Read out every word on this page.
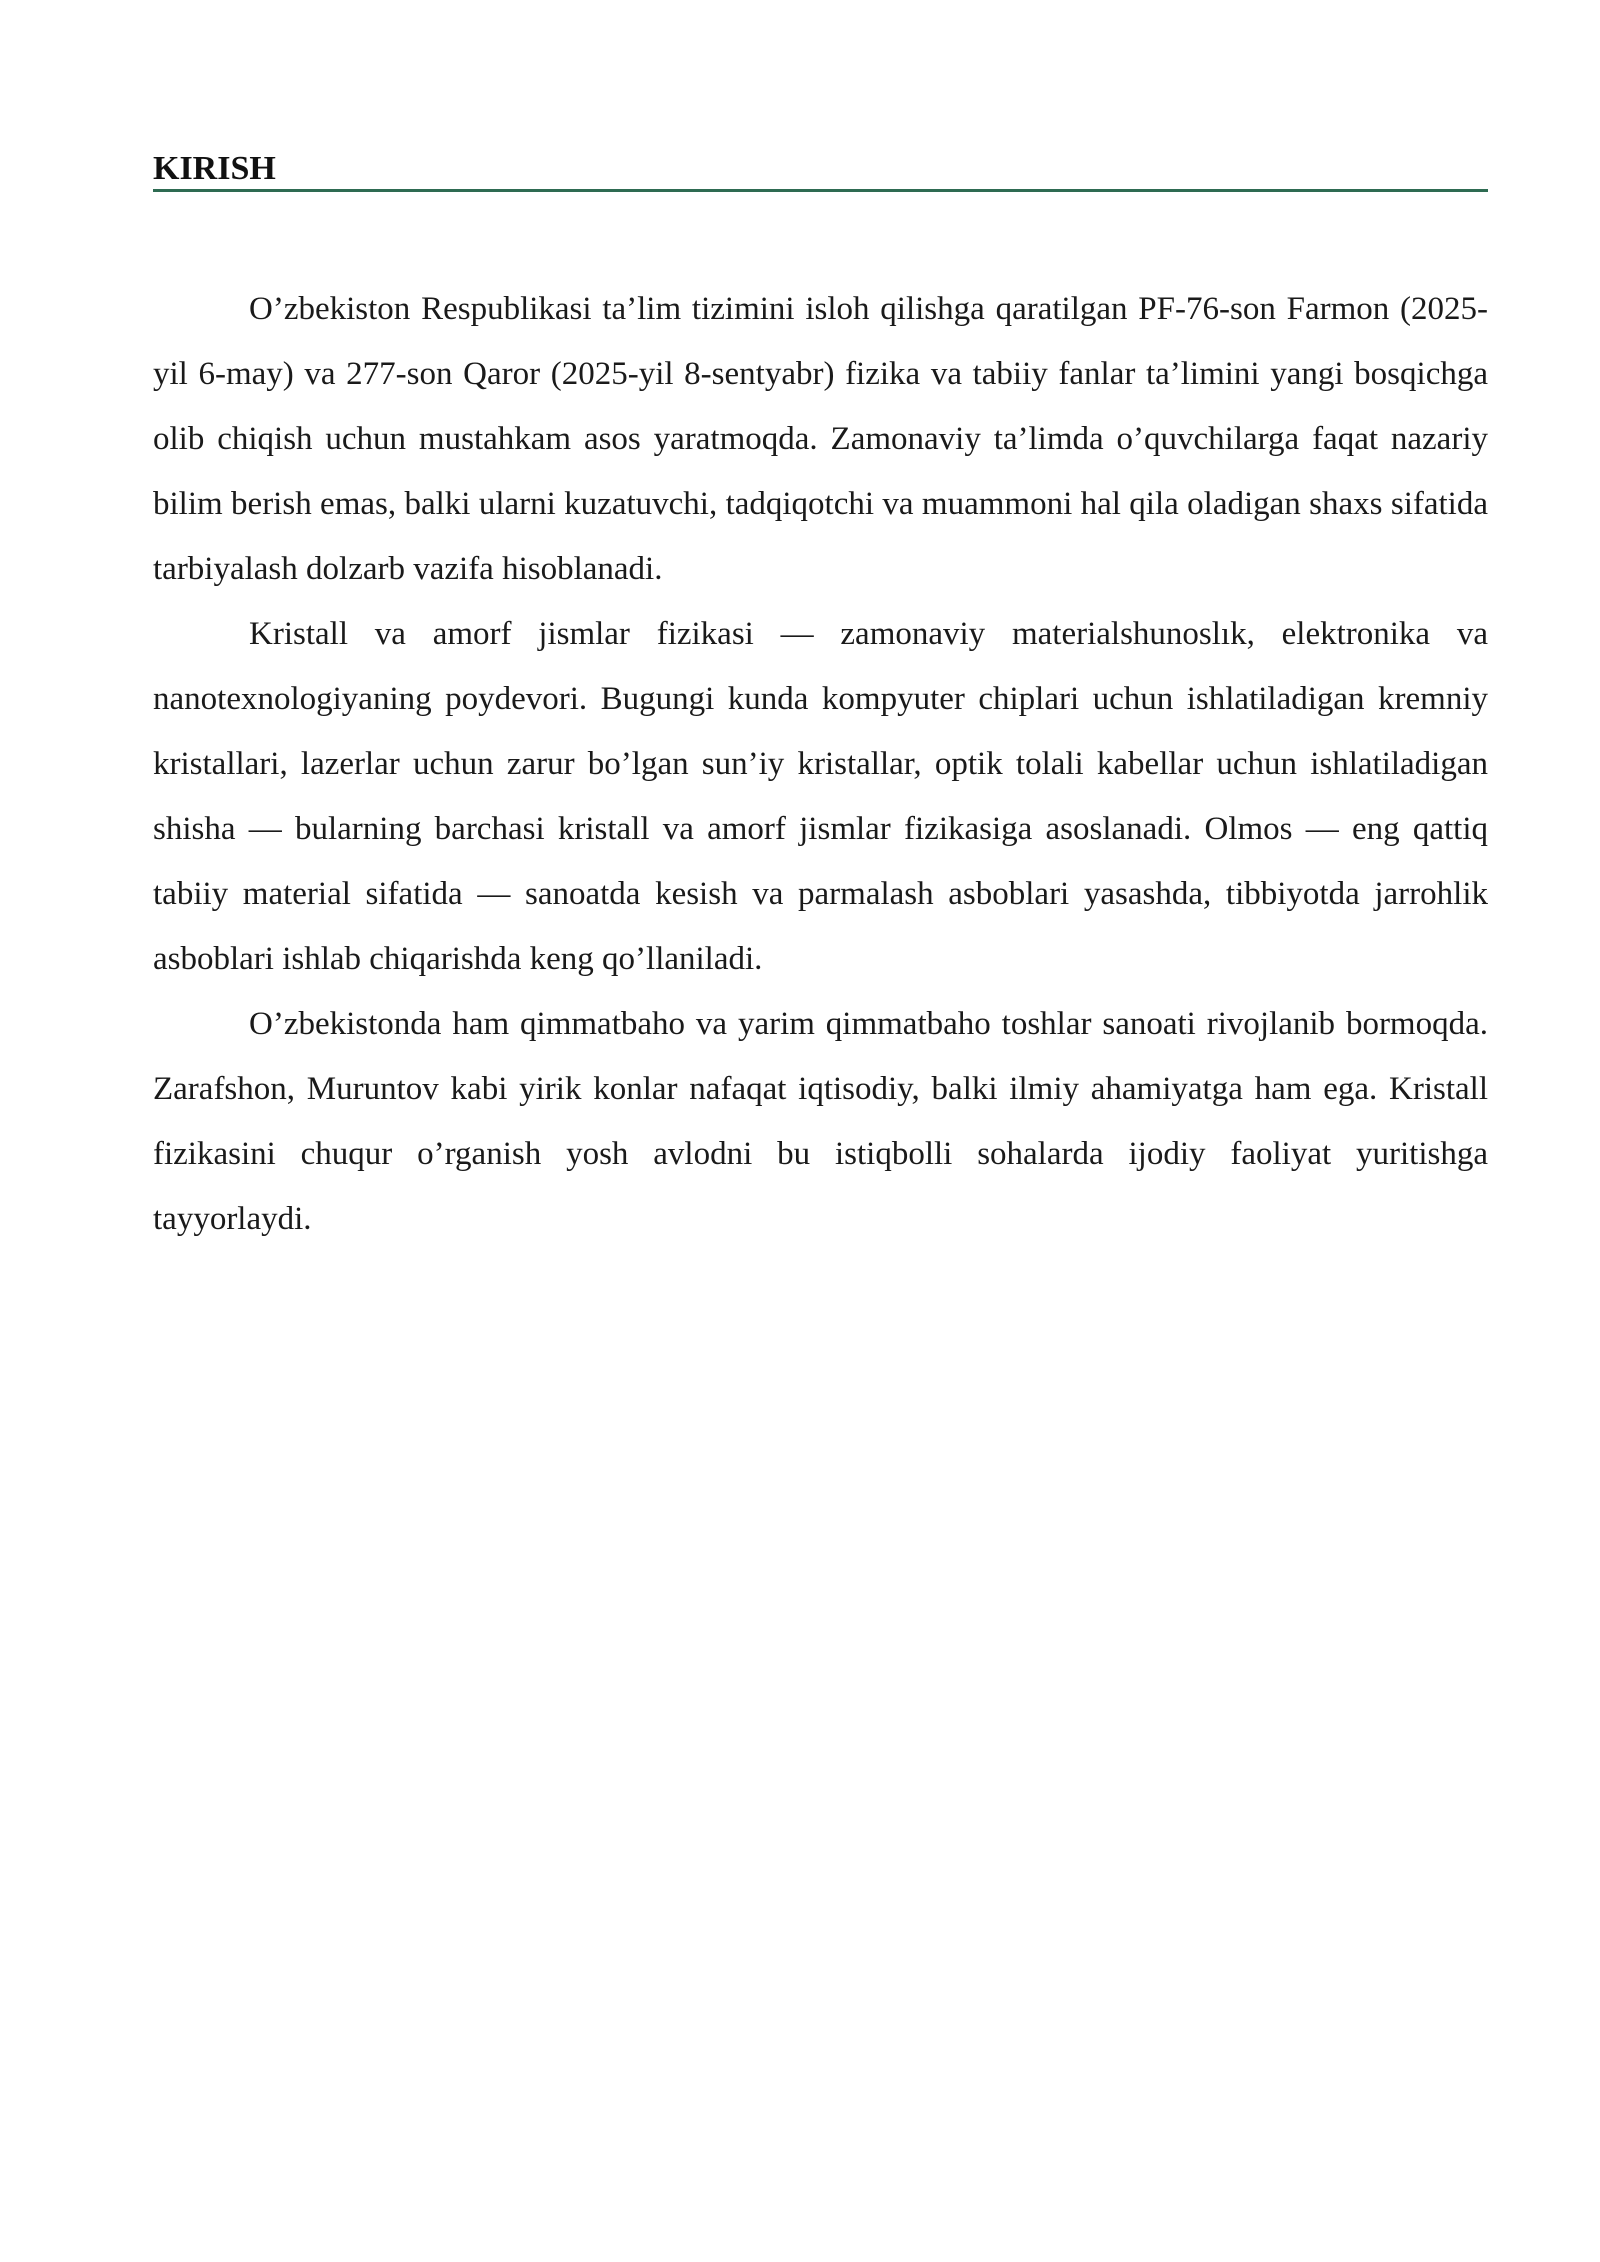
KIRISH

O’zbekiston Respublikasi ta’lim tizimini isloh qilishga qaratilgan PF-76-son Farmon (2025-yil 6-may) va 277-son Qaror (2025-yil 8-sentyabr) fizika va tabiiy fanlar ta’limini yangi bosqichga olib chiqish uchun mustahkam asos yaratmoqda. Zamonaviy ta’limda o’quvchilarga faqat nazariy bilim berish emas, balki ularni kuzatuvchi, tadqiqotchi va muammoni hal qila oladigan shaxs sifatida tarbiyalash dolzarb vazifa hisoblanadi.

Kristall va amorf jismlar fizikasi — zamonaviy materialshunoslık, elektronika va nanotexnologiyaning poydevori. Bugungi kunda kompyuter chiplari uchun ishlatiladigan kremniy kristallari, lazerlar uchun zarur bo’lgan sun’iy kristallar, optik tolali kabellar uchun ishlatiladigan shisha — bularning barchasi kristall va amorf jismlar fizikasiga asoslanadi. Olmos — eng qattiq tabiiy material sifatida — sanoatda kesish va parmalash asboblari yasashda, tibbiyotda jarrohlik asboblari ishlab chiqarishda keng qo’llaniladi.

O’zbekistonda ham qimmatbaho va yarim qimmatbaho toshlar sanoati rivojlanib bormoqda. Zarafshon, Muruntov kabi yirik konlar nafaqat iqtisodiy, balki ilmiy ahamiyatga ham ega. Kristall fizikasini chuqur o’rganish yosh avlodni bu istiqbolli sohalarda ijodiy faoliyat yuritishga tayyorlaydi.
